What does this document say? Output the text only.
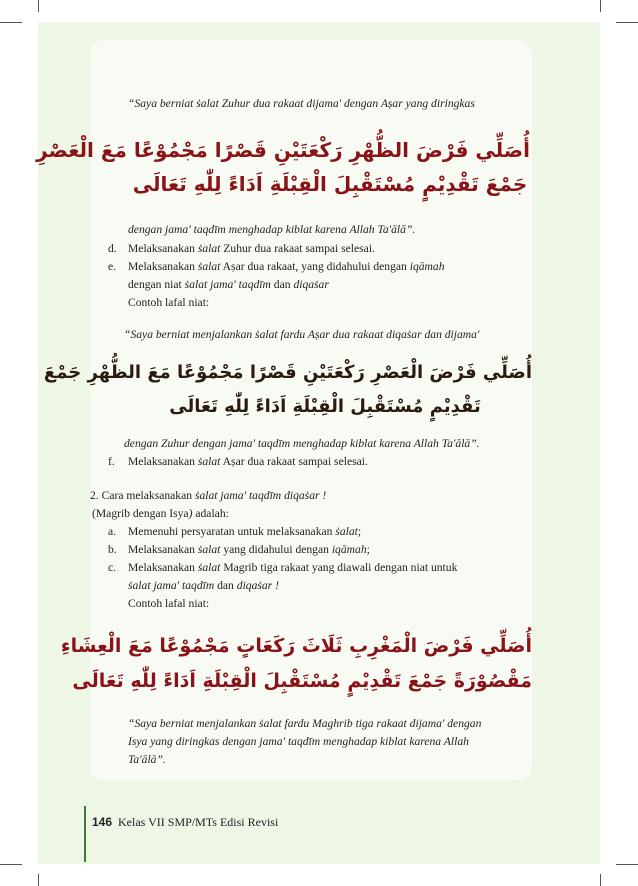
“Saya berniat ṡalat Zuhur dua rakaat dijama' dengan Aṣar yang diringkas
أُصَلِّي فَرْضَ الظُّهْرِ رَكْعَتَيْنِ قَصْرًا مَجْمُوْعًا مَعَ الْعَصْرِ
جَمْعَ تَقْدِيْمٍ مُسْتَقْبِلَ الْقِبْلَةِ اَدَاءً لِلّٰهِ تَعَالَى
dengan jama' taqdīm menghadap kiblat karena Allah Ta'ālā”.
d. Melaksanakan ṡalat Zuhur dua rakaat sampai selesai.
e. Melaksanakan ṡalat Aṣar dua rakaat, yang didahului dengan iqāmah
dengan niat ṡalat jama' taqdīm dan diqaṡar
Contoh lafal niat:
“Saya berniat menjalankan ṡalat fardu Aṣar dua rakaat diqaṡar dan dijama'
أُصَلِّي فَرْضَ الْعَصْرِ رَكْعَتَيْنِ قَصْرًا مَجْمُوْعًا مَعَ الظُّهْرِ جَمْعَ
تَقْدِيْمٍ مُسْتَقْبِلَ الْقِبْلَةِ اَدَاءً لِلّٰهِ تَعَالَى
dengan Zuhur dengan jama' taqdīm menghadap kiblat karena Allah Ta'ālā”.
f. Melaksanakan ṡalat Aṣar dua rakaat sampai selesai.
2. Cara melaksanakan ṡalat jama' taqdīm diqaṡar !
(Magrib dengan Isya) adalah:
a. Memenuhi persyaratan untuk melaksanakan ṡalat;
b. Melaksanakan ṡalat yang didahului dengan iqāmah;
c. Melaksanakan ṡalat Magrib tiga rakaat yang diawali dengan niat untuk
ṡalat jama' taqdīm dan diqaṡar !
Contoh lafal niat:
أُصَلِّي فَرْضَ الْمَغْرِبِ ثَلَاثَ رَكَعَاتٍ مَجْمُوْعًا مَعَ الْعِشَاءِ
مَقْصُوْرَةً جَمْعَ تَقْدِيْمٍ مُسْتَقْبِلَ الْقِبْلَةِ اَدَاءً لِلّٰهِ تَعَالَى
“Saya berniat menjalankan ṡalat fardu Maghrib tiga rakaat dijama' dengan
Isya yang diringkas dengan jama' taqdīm menghadap kiblat karena Allah
Ta'ālā”.
146 Kelas VII SMP/MTs Edisi Revisi
